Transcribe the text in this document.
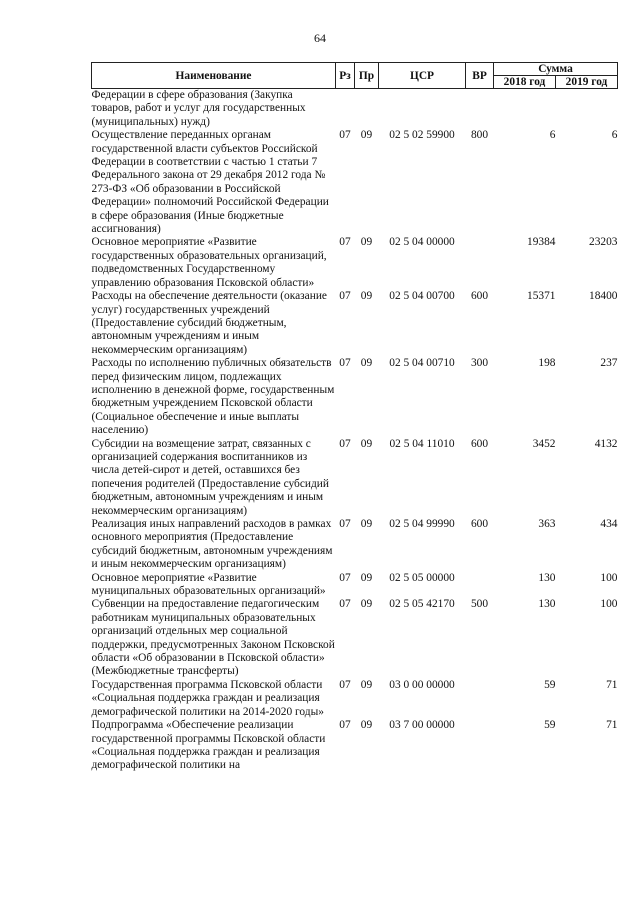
64
Наименование	Рз	Пр	ЦСР	ВР	Сумма	
					2018 год	2019 год
Федерации в сфере образования (Закупка товаров, работ и услуг для государственных (муниципальных) нужд)						
Осуществление переданных органам государственной власти субъектов Российской Федерации в соответствии с частью 1 статьи 7 Федерального закона от 29 декабря 2012 года № 273-ФЗ «Об образовании в Российской Федерации» полномочий Российской Федерации в сфере образования (Иные бюджетные ассигнования)	07	09	02 5 02 59900	800	6	6
Основное мероприятие «Развитие государственных образовательных организаций, подведомственных Государственному управлению образования Псковской области»	07	09	02 5 04 00000		19384	23203
Расходы на обеспечение деятельности (оказание услуг) государственных учреждений (Предоставление субсидий бюджетным, автономным учреждениям и иным некоммерческим организациям)	07	09	02 5 04 00700	600	15371	18400
Расходы по исполнению публичных обязательств перед физическим лицом, подлежащих исполнению в денежной форме, государственным бюджетным учреждением Псковской области (Социальное обеспечение и иные выплаты населению)	07	09	02 5 04 00710	300	198	237
Субсидии на возмещение затрат, связанных с организацией содержания воспитанников из числа детей-сирот и детей, оставшихся без попечения родителей (Предоставление субсидий бюджетным, автономным учреждениям и иным некоммерческим организациям)	07	09	02 5 04 11010	600	3452	4132
Реализация иных направлений расходов в рамках основного мероприятия (Предоставление субсидий бюджетным, автономным учреждениям и иным некоммерческим организациям)	07	09	02 5 04 99990	600	363	434
Основное мероприятие «Развитие муниципальных образовательных организаций»	07	09	02 5 05 00000		130	100
Субвенции на предоставление педагогическим работникам муниципальных образовательных организаций отдельных мер социальной поддержки, предусмотренных Законом Псковской области «Об образовании в Псковской области» (Межбюджетные трансферты)	07	09	02 5 05 42170	500	130	100
Государственная программа Псковской области «Социальная поддержка граждан и реализация демографической политики на 2014-2020 годы»	07	09	03 0 00 00000		59	71
Подпрограмма «Обеспечение реализации государственной программы Псковской области «Социальная поддержка граждан и реализация демографической политики на	07	09	03 7 00 00000		59	71
